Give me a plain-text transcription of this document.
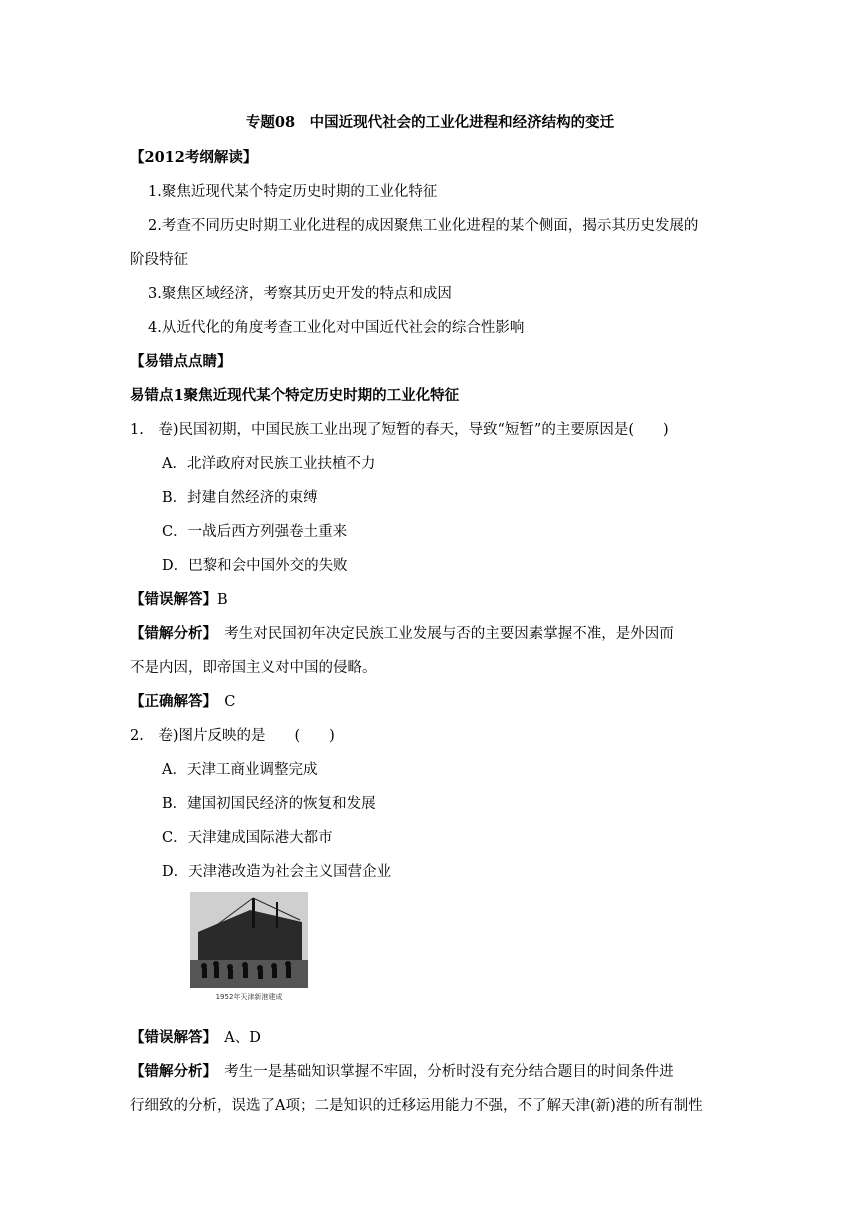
专题08　中国近现代社会的工业化进程和经济结构的变迁
【2012考纲解读】
1.聚焦近现代某个特定历史时期的工业化特征
2.考查不同历史时期工业化进程的成因聚焦工业化进程的某个侧面，揭示其历史发展的
阶段特征
3.聚焦区域经济，考察其历史开发的特点和成因
4.从近代化的角度考查工业化对中国近代社会的综合性影响
【易错点点睛】
易错点1聚焦近现代某个特定历史时期的工业化特征
1.　卷)民国初期，中国民族工业出现了短暂的春天，导致“短暂”的主要原因是(　　)
A．北洋政府对民族工业扶植不力
B．封建自然经济的束缚
C．一战后西方列强卷土重来
D．巴黎和会中国外交的失败
【错误解答】B
【错解分析】　考生对民国初年决定民族工业发展与否的主要因素掌握不准，是外因而
不是内因，即帝国主义对中国的侵略。
【正确解答】　C
2.　卷)图片反映的是　　(　　)
A．天津工商业调整完成
B．建国初国民经济的恢复和发展
C．天津建成国际港大都市
D．天津港改造为社会主义国营企业
1952年天津新港建成
【错误解答】　A、D
【错解分析】　考生一是基础知识掌握不牢固，分析时没有充分结合题目的时间条件进
行细致的分析，误选了A项；二是知识的迁移运用能力不强，不了解天津(新)港的所有制性
